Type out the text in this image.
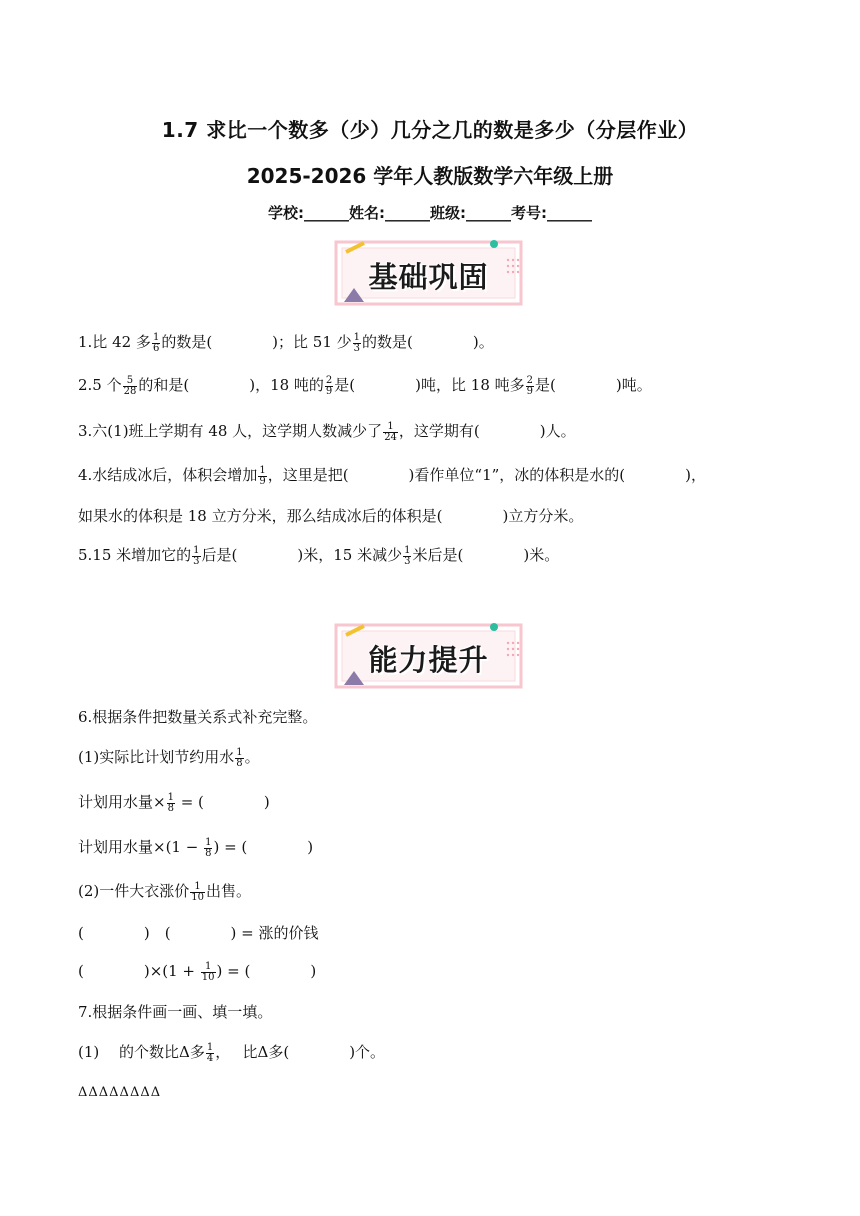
1.7 求比一个数多（少）几分之几的数是多少（分层作业）
2025-2026 学年人教版数学六年级上册
学校:______姓名:______班级:______考号:______
基础巩固
1.比 42 多 $\frac{1}{6}$ 的数是(　　　　)；比 51 少 $\frac{1}{3}$ 的数是(　　　　)。
2.5 个 $\frac{5}{28}$ 的和是(　　　　)，18 吨的 $\frac{2}{9}$ 是(　　　　)吨，比 18 吨多 $\frac{2}{9}$ 是(　　　　)吨。
3.六(1)班上学期有 48 人，这学期人数减少了 $\frac{1}{24}$ ，这学期有(　　　　)人。
4.水结成冰后，体积会增加 $\frac{1}{9}$ ，这里是把(　　　　)看作单位“1”，冰的体积是水的(　　　　)，
如果水的体积是 18 立方分米，那么结成冰后的体积是(　　　　)立方分米。
5.15 米增加它的 $\frac{1}{3}$ 后是(　　　　)米，15 米减少 $\frac{1}{3}$ 米后是(　　　　)米。
能力提升
6.根据条件把数量关系式补充完整。
(1)实际比计划节约用水 $\frac{1}{8}$ 。
计划用水量× $\frac{1}{8}$ = (　　　　)
计划用水量$\times(1 - \frac{1}{8}$ ) = (　　　　)
(2)一件大衣涨价 $\frac{1}{10}$ 出售。
(　　　　)　(　　　　) = 涨的价钱
(　　　　)$\times(1 + \frac{1}{10}$ ) = (　　　　)
7.根据条件画一画、填一填。
(1)　 的个数比Δ多 $\frac{1}{4}$ ，　 比Δ多(　　　　)个。
ΔΔΔΔΔΔΔΔ
